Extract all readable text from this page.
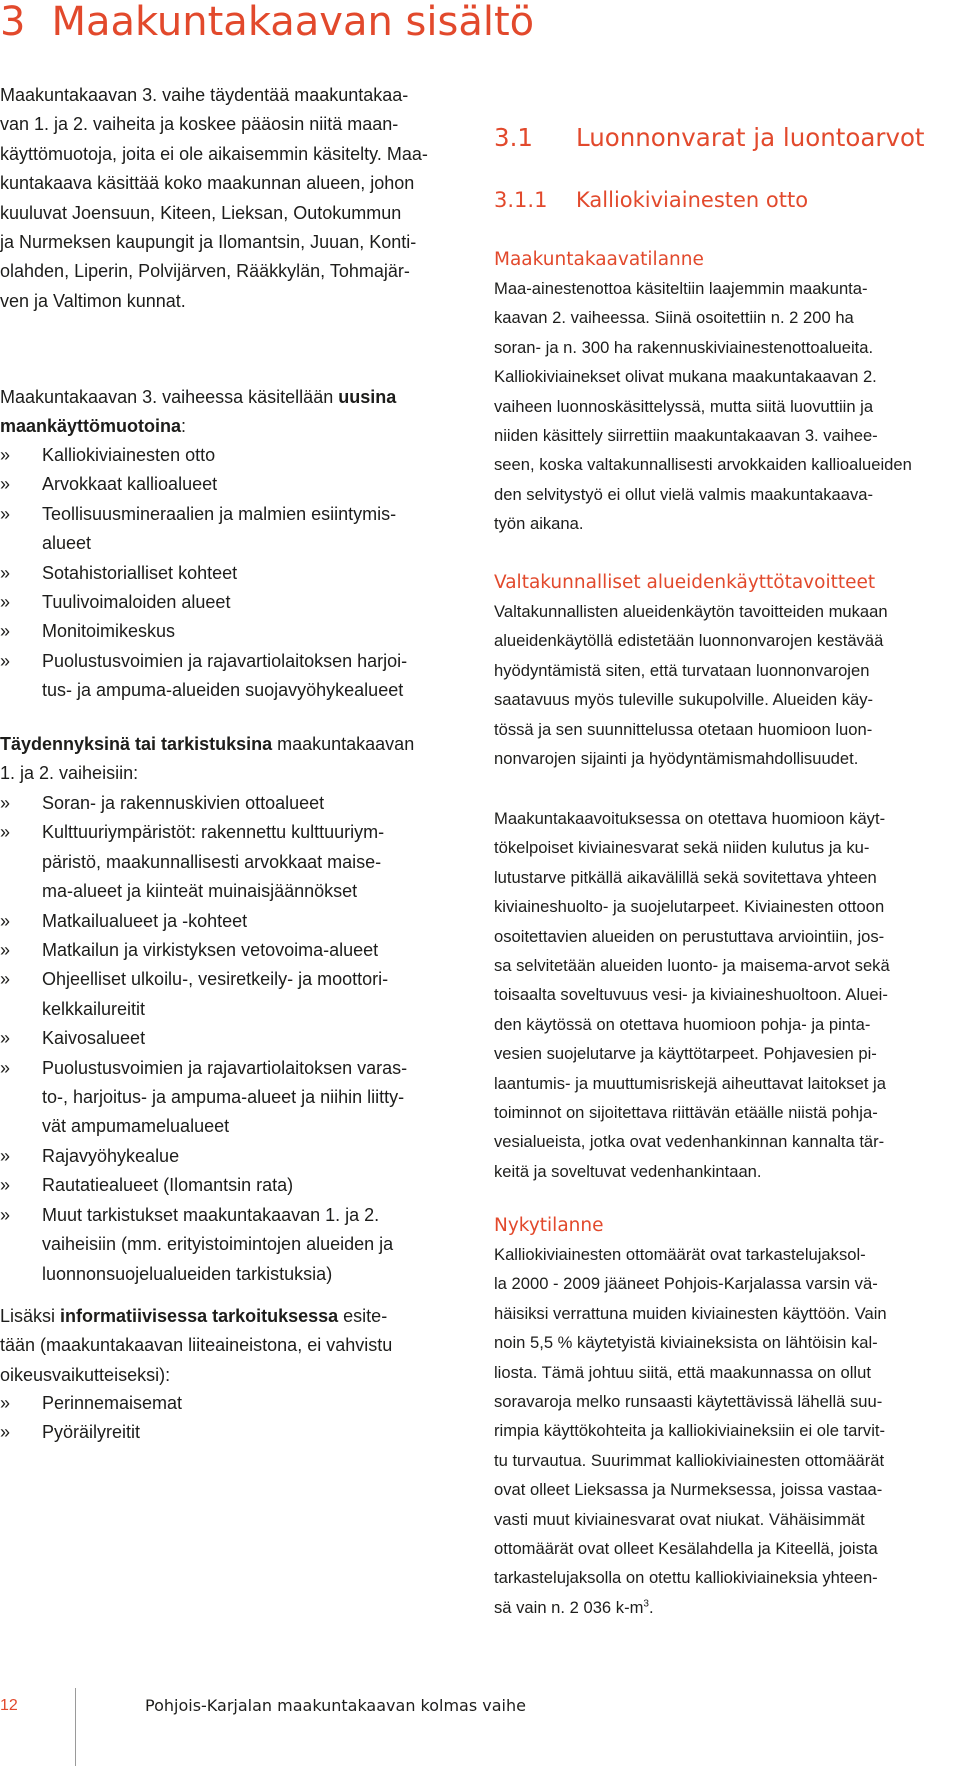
3 Maakuntakaavan sisältö

Maakuntakaavan 3. vaihe täydentää maakuntakaa-
van 1. ja 2. vaiheita ja koskee pääosin niitä maan-
käyttömuotoja, joita ei ole aikaisemmin käsitelty. Maa-
kuntakaava käsittää koko maakunnan alueen, johon
kuuluvat Joensuun, Kiteen, Lieksan, Outokummun
ja Nurmeksen kaupungit ja Ilomantsin, Juuan, Konti-
olahden, Liperin, Polvijärven, Rääkkylän, Tohmajär-
ven ja Valtimon kunnat.

Maakuntakaavan 3. vaiheessa käsitellään uusina
maankäyttömuotoina:

»	Kalliokiviainesten otto
»	Arvokkaat kallioalueet
»	Teollisuusmineraalien ja malmien esiintymis-
alueet
»	Sotahistorialliset kohteet
»	Tuulivoimaloiden alueet
»	Monitoimikeskus
»	Puolustusvoimien ja rajavartiolaitoksen harjoi-
tus- ja ampuma-alueiden suojavyöhykealueet

Täydennyksinä tai tarkistuksina maakuntakaavan
1. ja 2. vaiheisiin:

»	Soran- ja rakennuskivien ottoalueet
»	Kulttuuriympäristöt: rakennettu kulttuuriym-
päristö, maakunnallisesti arvokkaat maise-
ma-alueet ja kiinteät muinaisjäännökset
»	Matkailualueet ja -kohteet
»	Matkailun ja virkistyksen vetovoima-alueet
»	Ohjeelliset ulkoilu-, vesiretkeily- ja moottori-
kelkkailureitit
»	Kaivosalueet
»	Puolustusvoimien ja rajavartiolaitoksen varas-
to-, harjoitus- ja ampuma-alueet ja niihin liitty-
vät ampumamelualueet
»	Rajavyöhykealue
»	Rautatiealueet (Ilomantsin rata)
»	Muut tarkistukset maakuntakaavan 1. ja 2.
vaiheisiin (mm. erityistoimintojen alueiden ja
luonnonsuojelualueiden tarkistuksia)

Lisäksi informatiivisessa tarkoituksessa esite-
tään (maakuntakaavan liiteaineistona, ei vahvistu
oikeusvaikutteiseksi):

»	Perinnemaisemat
»	Pyöräilyreitit
3.1 Luonnonvarat ja luontoarvot
3.1.1 Kalliokiviainesten otto
Maakuntakaavatilanne

Maa-ainestenottoa käsiteltiin laajemmin maakunta-
kaavan 2. vaiheessa. Siinä osoitettiin n. 2 200 ha
soran- ja n. 300 ha rakennuskiviainestenottoalueita.
Kalliokiviainekset olivat mukana maakuntakaavan 2.
vaiheen luonnoskäsittelyssä, mutta siitä luovuttiin ja
niiden käsittely siirrettiin maakuntakaavan 3. vaihee-
seen, koska valtakunnallisesti arvokkaiden kallioalueiden
den selvitystyö ei ollut vielä valmis maakuntakaava-
työn aikana.

Valtakunnalliset alueidenkäyttötavoitteet

Valtakunnallisten alueidenkäytön tavoitteiden mukaan
alueidenkäytöllä edistetään luonnonvarojen kestävää
hyödyntämistä siten, että turvataan luonnonvarojen
saatavuus myös tuleville sukupolville. Alueiden käy-
tössä ja sen suunnittelussa otetaan huomioon luon-
nonvarojen sijainti ja hyödyntämismahdollisuudet.

Maakuntakaavoituksessa on otettava huomioon käyt-
tökelpoiset kiviainesvarat sekä niiden kulutus ja ku-
lutustarve pitkällä aikavälillä sekä sovitettava yhteen
kiviaineshuolto- ja suojelutarpeet. Kiviainesten ottoon
osoitettavien alueiden on perustuttava arviointiin, jos-
sa selvitetään alueiden luonto- ja maisema-arvot sekä
toisaalta soveltuvuus vesi- ja kiviaineshuoltoon. Aluei-
den käytössä on otettava huomioon pohja- ja pinta-
vesien suojelutarve ja käyttötarpeet. Pohjavesien pi-
laantumis- ja muuttumisriskejä aiheuttavat laitokset ja
toiminnot on sijoitettava riittävän etäälle niistä pohja-
vesialueista, jotka ovat vedenhankinnan kannalta tär-
keitä ja soveltuvat vedenhankintaan.

Nykytilanne

Kalliokiviainesten ottomäärät ovat tarkastelujaksol-
la 2000 - 2009 jääneet Pohjois-Karjalassa varsin vä-
häisiksi verrattuna muiden kiviainesten käyttöön. Vain
noin 5,5 % käytetyistä kiviaineksista on lähtöisin kal-
liosta. Tämä johtuu siitä, että maakunnassa on ollut
soravaroja melko runsaasti käytettävissä lähellä suu-
rimpia käyttökohteita ja kalliokiviaineksiin ei ole tarvit-
tu turvautua. Suurimmat kalliokiviainesten ottomäärät
ovat olleet Lieksassa ja Nurmeksessa, joissa vastaa-
vasti muut kiviainesvarat ovat niukat. Vähäisimmät
ottomäärät ovat olleet Kesälahdella ja Kiteellä, joista
tarkastelujaksolla on otettu kalliokiviaineksia yhteen-
sä vain n. 2 036 $k-m^3$.

12	Pohjois-Karjalan maakuntakaavan kolmas vaihe
